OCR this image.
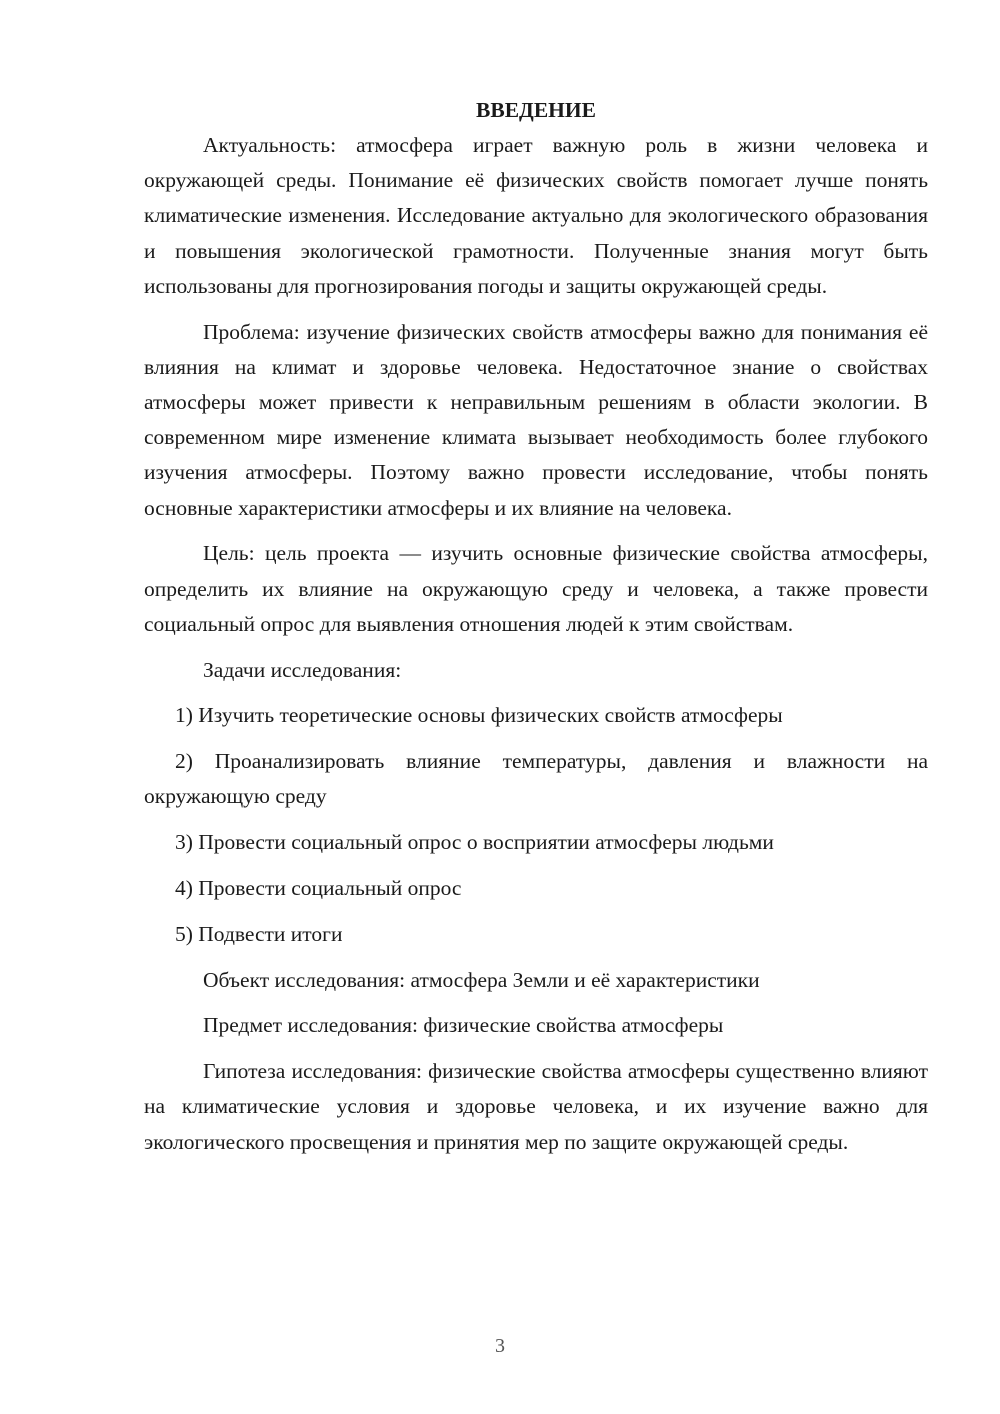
ВВЕДЕНИЕ

Актуальность: атмосфера играет важную роль в жизни человека и окружающей среды. Понимание её физических свойств помогает лучше понять климатические изменения. Исследование актуально для экологического образования и повышения экологической грамотности. Полученные знания могут быть использованы для прогнозирования погоды и защиты окружающей среды.

Проблема: изучение физических свойств атмосферы важно для понимания её влияния на климат и здоровье человека. Недостаточное знание о свойствах атмосферы может привести к неправильным решениям в области экологии. В современном мире изменение климата вызывает необходимость более глубокого изучения атмосферы. Поэтому важно провести исследование, чтобы понять основные характеристики атмосферы и их влияние на человека.

Цель: цель проекта — изучить основные физические свойства атмосферы, определить их влияние на окружающую среду и человека, а также провести социальный опрос для выявления отношения людей к этим свойствам.

Задачи исследования:

1) Изучить теоретические основы физических свойств атмосферы

2) Проанализировать влияние температуры, давления и влажности на окружающую среду

3) Провести социальный опрос о восприятии атмосферы людьми

4) Провести социальный опрос

5) Подвести итоги

Объект исследования: атмосфера Земли и её характеристики

Предмет исследования: физические свойства атмосферы

Гипотеза исследования: физические свойства атмосферы существенно влияют на климатические условия и здоровье человека, и их изучение важно для экологического просвещения и принятия мер по защите окружающей среды.

3
